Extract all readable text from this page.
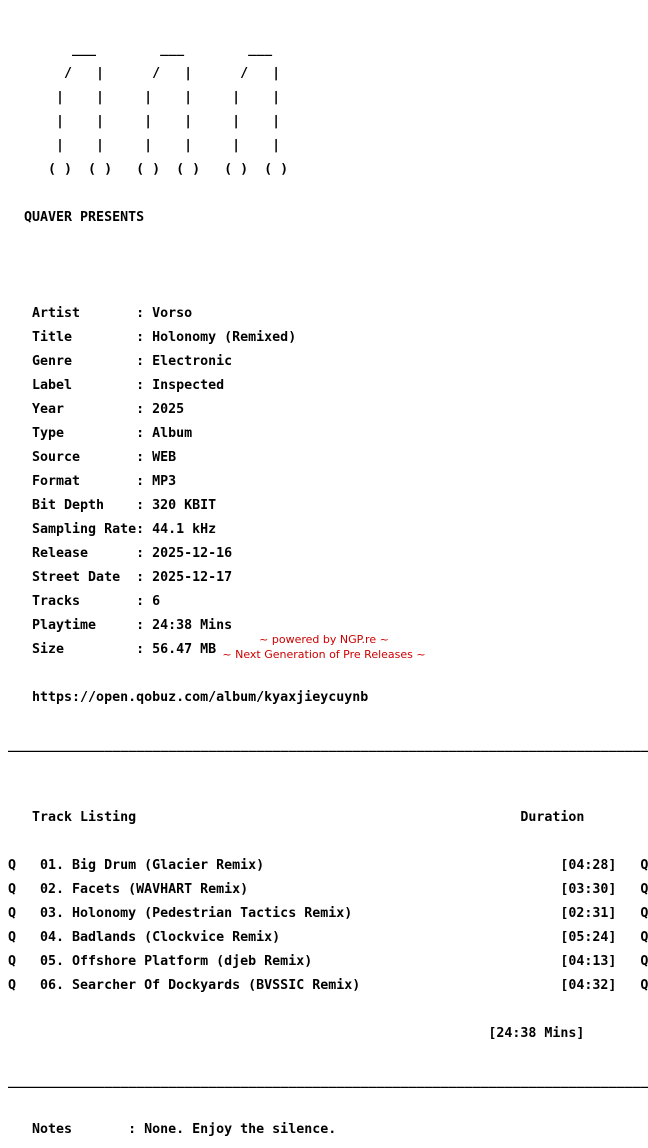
___        ___        ___

/   |      /   |      /   |

|    |     |    |     |    |

|    |     |    |     |    |

|    |     |    |     |    |

( )  ( )   ( )  ( )   ( )  ( )

QUAVER PRESENTS

Artist       : Vorso

Title        : Holonomy (Remixed)

Genre        : Electronic

Label        : Inspected

Year         : 2025

Type         : Album

Source       : WEB

Format       : MP3

Bit Depth    : 320 KBIT

Sampling Rate: 44.1 kHz

Release      : 2025-12-16

Street Date  : 2025-12-17

Tracks       : 6

Playtime     : 24:38 Mins

Size         : 56.47 MB

https://open.qobuz.com/album/kyaxjieycuynb

________________________________________________________________________________

Track Listing                                                Duration

Q   01. Big Drum (Glacier Remix)                                     [04:28]   Q

Q   02. Facets (WAVHART Remix)                                       [03:30]   Q

Q   03. Holonomy (Pedestrian Tactics Remix)                          [02:31]   Q

Q   04. Badlands (Clockvice Remix)                                   [05:24]   Q

Q   05. Offshore Platform (djeb Remix)                               [04:13]   Q

Q   06. Searcher Of Dockyards (BVSSIC Remix)                         [04:32]   Q

[24:38 Mins]

________________________________________________________________________________

Notes       : None. Enjoy the silence.

~ powered by NGP.re ~
~ Next Generation of Pre Releases ~
